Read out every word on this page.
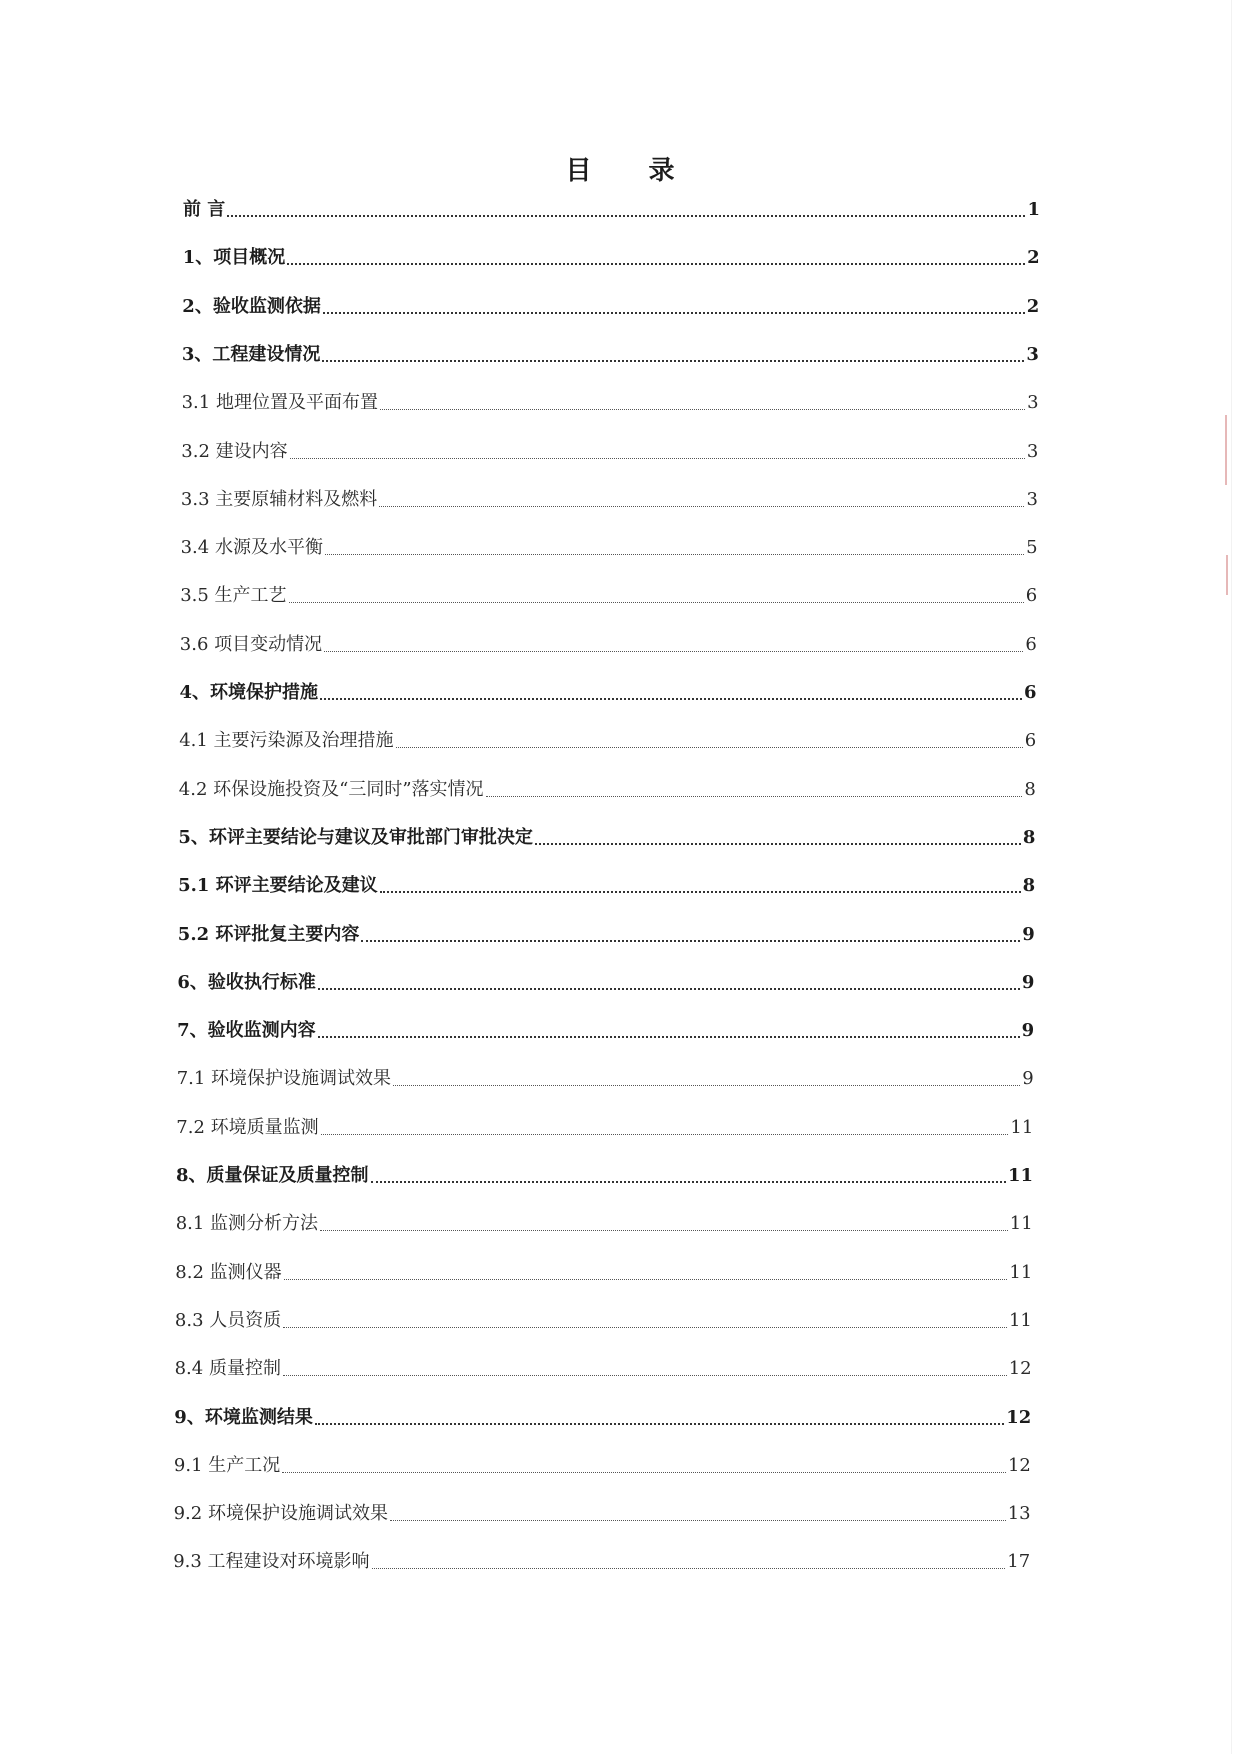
目 录
前 言	1
1、项目概况	2
2、验收监测依据	2
3、工程建设情况	3
3.1 地理位置及平面布置	3
3.2 建设内容	3
3.3 主要原辅材料及燃料	3
3.4 水源及水平衡	5
3.5 生产工艺	6
3.6 项目变动情况	6
4、环境保护措施	6
4.1 主要污染源及治理措施	6
4.2 环保设施投资及“三同时”落实情况	8
5、环评主要结论与建议及审批部门审批决定	8
5.1 环评主要结论及建议	8
5.2 环评批复主要内容	9
6、验收执行标准	9
7、验收监测内容	9
7.1 环境保护设施调试效果	9
7.2 环境质量监测	11
8、质量保证及质量控制	11
8.1 监测分析方法	11
8.2 监测仪器	11
8.3 人员资质	11
8.4 质量控制	12
9、环境监测结果	12
9.1 生产工况	12
9.2 环境保护设施调试效果	13
9.3 工程建设对环境影响	17
